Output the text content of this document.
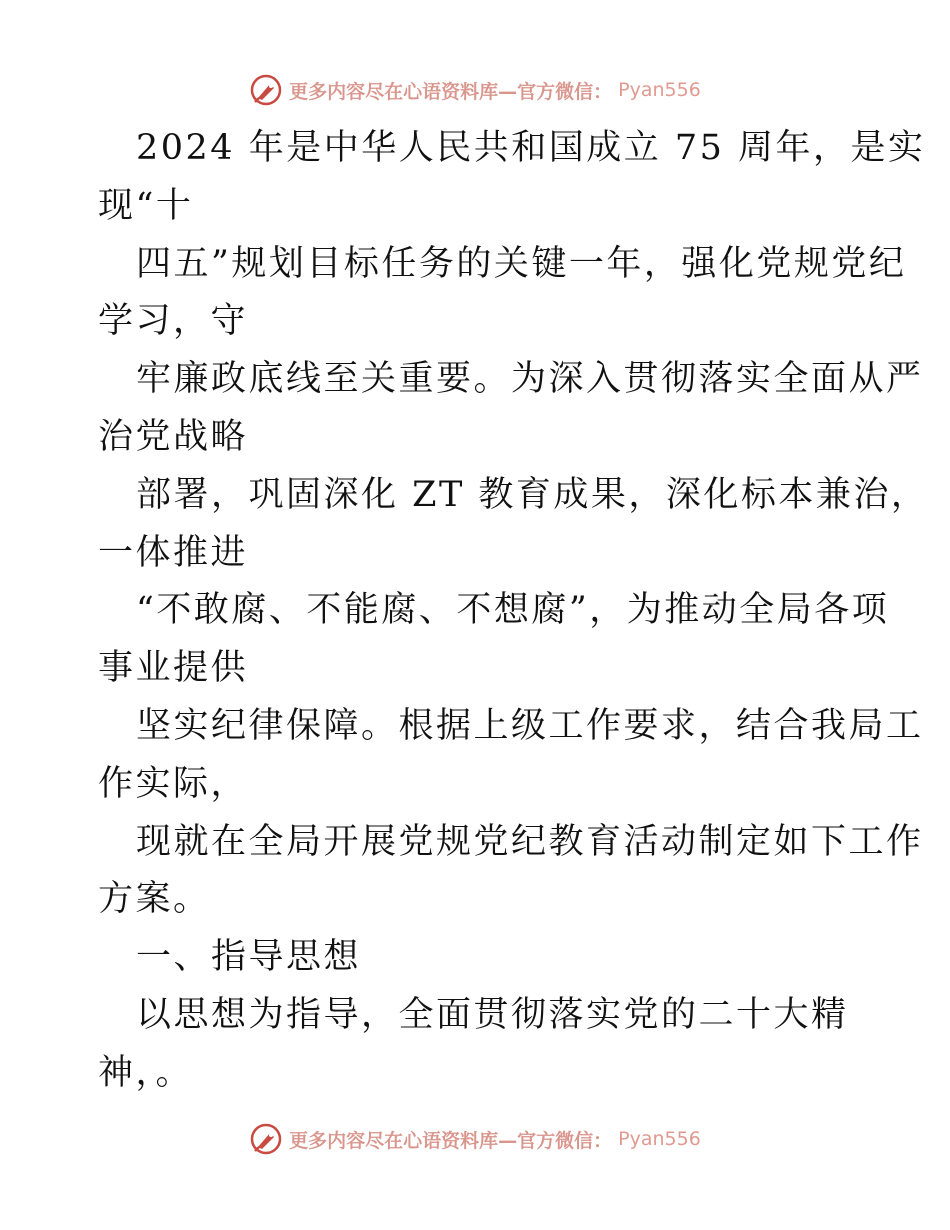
更多内容尽在心语资料库—官方微信： Pyan556
2024 年是中华人民共和国成立 75 周年，是实
现“十
四五”规划目标任务的关键一年，强化党规党纪
学习，守
牢廉政底线至关重要。为深入贯彻落实全面从严
治党战略
部署，巩固深化 ZT 教育成果，深化标本兼治，
一体推进
“不敢腐、不能腐、不想腐”，为推动全局各项
事业提供
坚实纪律保障。根据上级工作要求，结合我局工
作实际，
现就在全局开展党规党纪教育活动制定如下工作
方案。
一、指导思想
以思想为指导，全面贯彻落实党的二十大精
神，。
更多内容尽在心语资料库—官方微信： Pyan556
